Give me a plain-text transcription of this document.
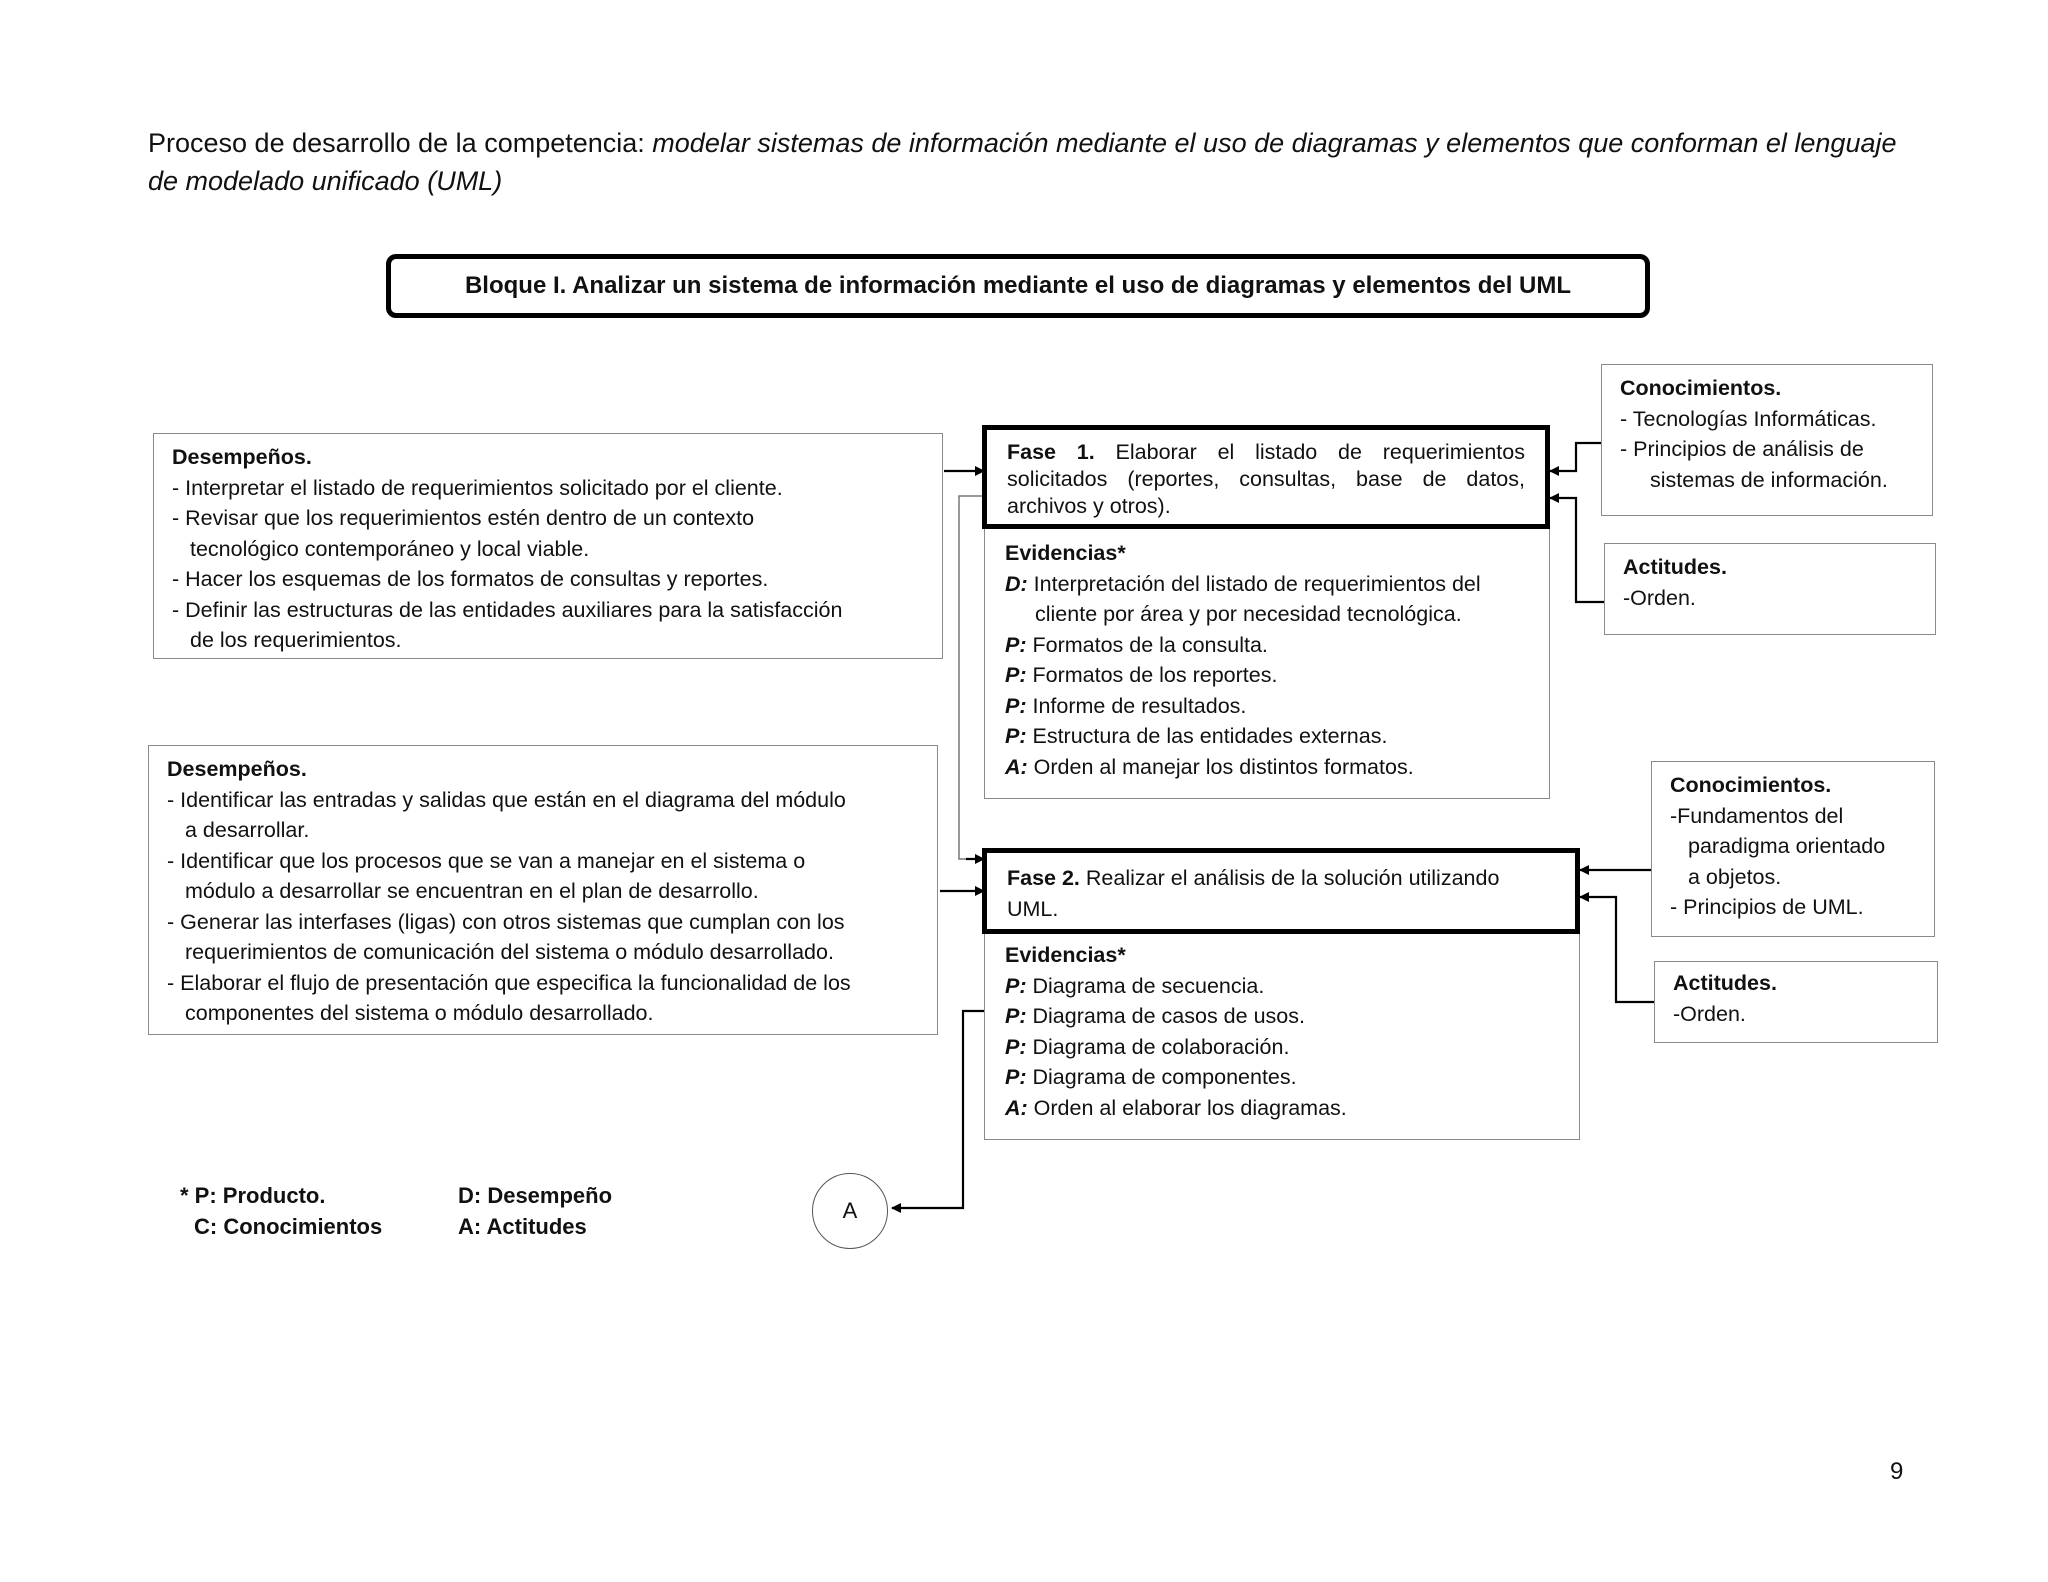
Proceso de desarrollo de la competencia: modelar sistemas de información mediante el uso de diagramas y elementos que conforman el lenguaje de modelado unificado (UML)
Bloque I. Analizar un sistema de información mediante el uso de diagramas y elementos del UML
Desempeños.
- Interpretar el listado de requerimientos solicitado por el cliente.
- Revisar que los requerimientos estén dentro de un contexto
tecnológico contemporáneo y local viable.
- Hacer los esquemas de los formatos de consultas y reportes.
- Definir las estructuras de las entidades auxiliares para la satisfacción
de los requerimientos.
Fase 1. Elaborar el listado de requerimientos solicitados (reportes, consultas, base de datos, archivos y otros).
Evidencias*
D: Interpretación del listado de requerimientos del
cliente por área y por necesidad tecnológica.
P: Formatos de la consulta.
P: Formatos de los reportes.
P: Informe de resultados.
P: Estructura de las entidades externas.
A: Orden al manejar los distintos formatos.
Conocimientos.
- Tecnologías Informáticas.
- Principios de análisis de
sistemas de información.
Actitudes.
-Orden.
Desempeños.
- Identificar las entradas y salidas que están en el diagrama del módulo
a desarrollar.
- Identificar que los procesos que se van a manejar en el sistema o
módulo a desarrollar se encuentran en el plan de desarrollo.
- Generar las interfases (ligas) con otros sistemas que cumplan con los
requerimientos de comunicación del sistema o módulo desarrollado.
- Elaborar el flujo de presentación que especifica la funcionalidad de los
componentes del sistema o módulo desarrollado.
Fase 2. Realizar el análisis de la solución utilizando UML.
Evidencias*
P: Diagrama de secuencia.
P: Diagrama de casos de usos.
P: Diagrama de colaboración.
P: Diagrama de componentes.
A: Orden al elaborar los diagramas.
Conocimientos.
-Fundamentos del
paradigma orientado
a objetos.
- Principios de UML.
Actitudes.
-Orden.
* P: Producto.	D: Desempeño
C: Conocimientos	A: Actitudes
A
9
